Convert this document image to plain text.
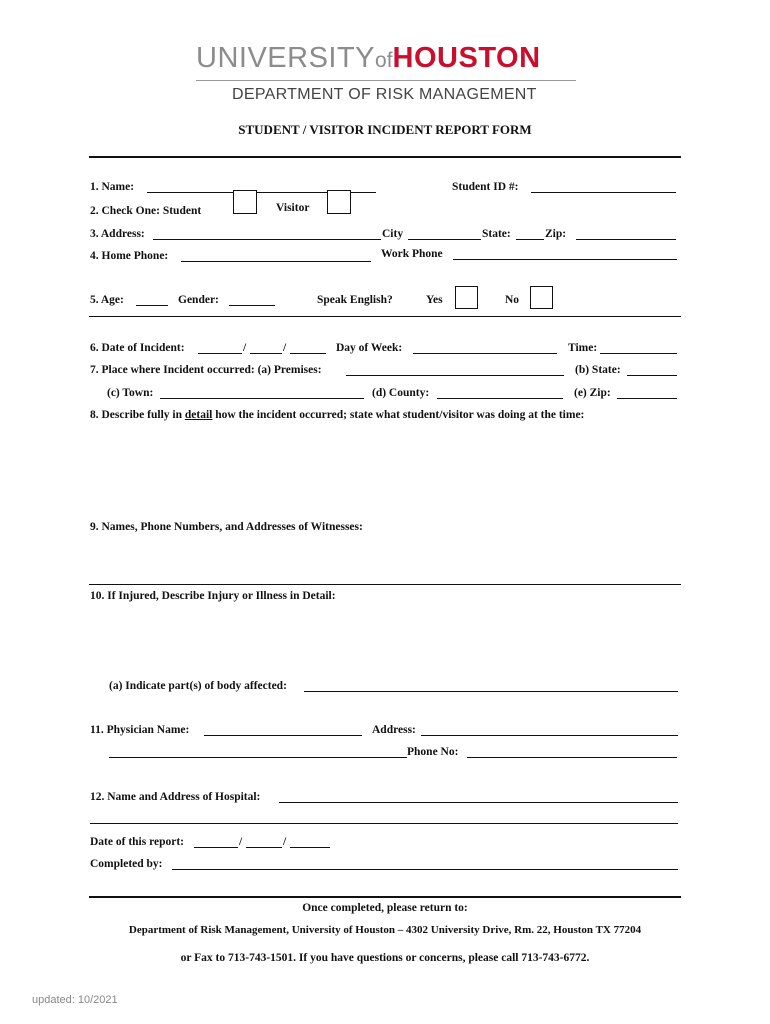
UNIVERSITYofHOUSTON
DEPARTMENT OF RISK MANAGEMENT
STUDENT / VISITOR INCIDENT REPORT FORM
1. Name:	Student ID #:
2. Check One: Student	Visitor
3. Address:	City	State:	Zip:
4. Home Phone:	Work Phone
5. Age:	Gender:	Speak English?	Yes	No
6. Date of Incident:	/	/	Day of Week:	Time:
7. Place where Incident occurred: (a) Premises:	(b) State:
(c) Town:	(d) County:	(e) Zip:
8. Describe fully in detail how the incident occurred; state what student/visitor was doing at the time:
9. Names, Phone Numbers, and Addresses of Witnesses:
10. If Injured, Describe Injury or Illness in Detail:
(a) Indicate part(s) of body affected:
11. Physician Name:	Address:
Phone No:
12. Name and Address of Hospital:
Date of this report:	/	/
Completed by:
Once completed, please return to:
Department of Risk Management, University of Houston – 4302 University Drive, Rm. 22, Houston TX 77204
or Fax to 713-743-1501. If you have questions or concerns, please call 713-743-6772.
updated: 10/2021
